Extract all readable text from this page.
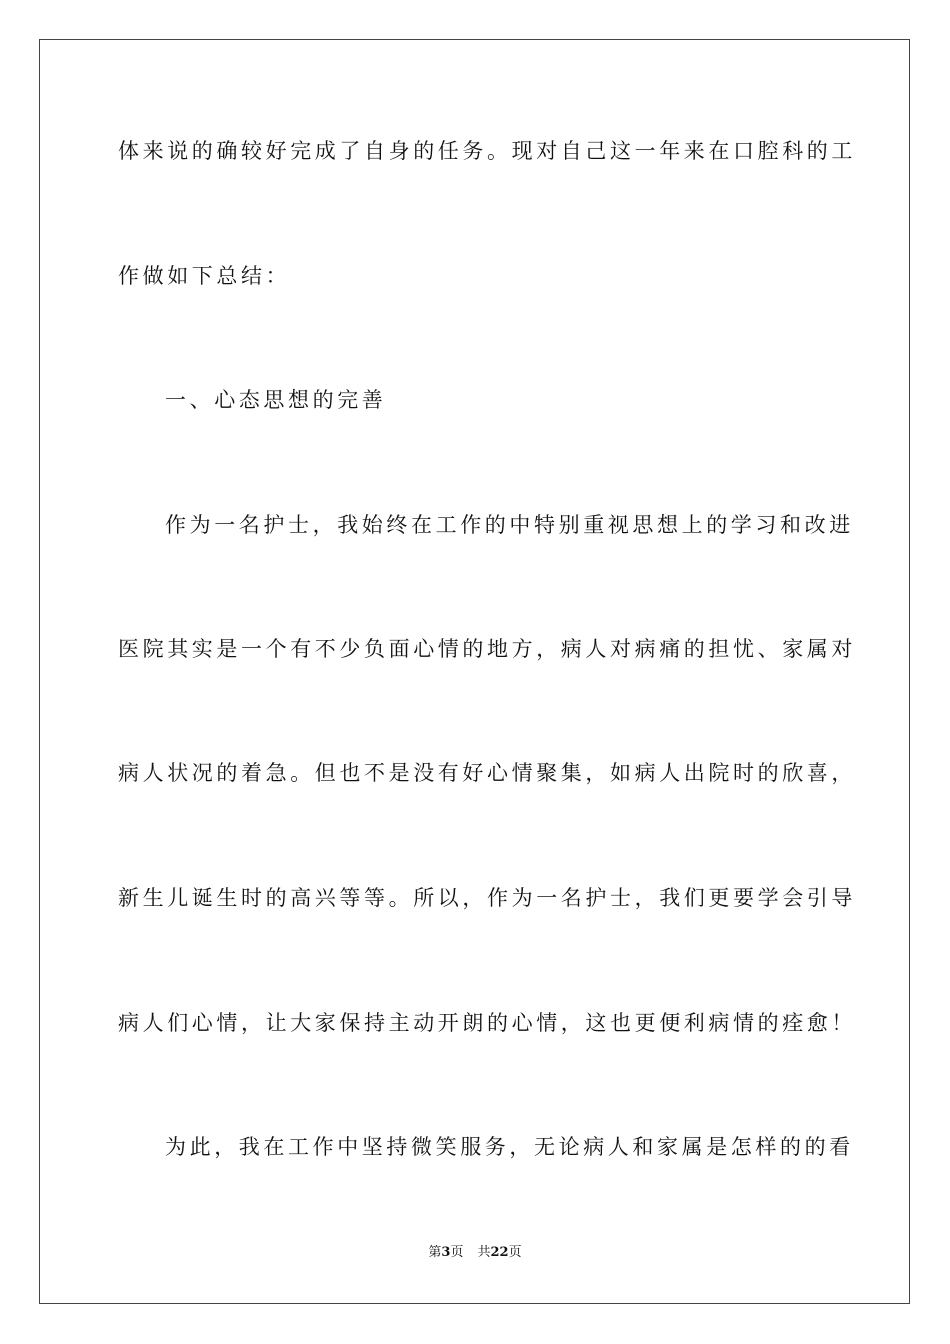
体来说的确较好完成了自身的任务。现对自己这一年来在口腔科的工
作做如下总结：
一、心态思想的完善
作为一名护士，我始终在工作的中特别重视思想上的学习和改进
医院其实是一个有不少负面心情的地方，病人对病痛的担忧、家属对
病人状况的着急。但也不是没有好心情聚集，如病人出院时的欣喜，
新生儿诞生时的高兴等等。所以，作为一名护士，我们更要学会引导
病人们心情，让大家保持主动开朗的心情，这也更便利病情的痊愈！
为此，我在工作中坚持微笑服务，无论病人和家属是怎样的的看
第3页 共22页
